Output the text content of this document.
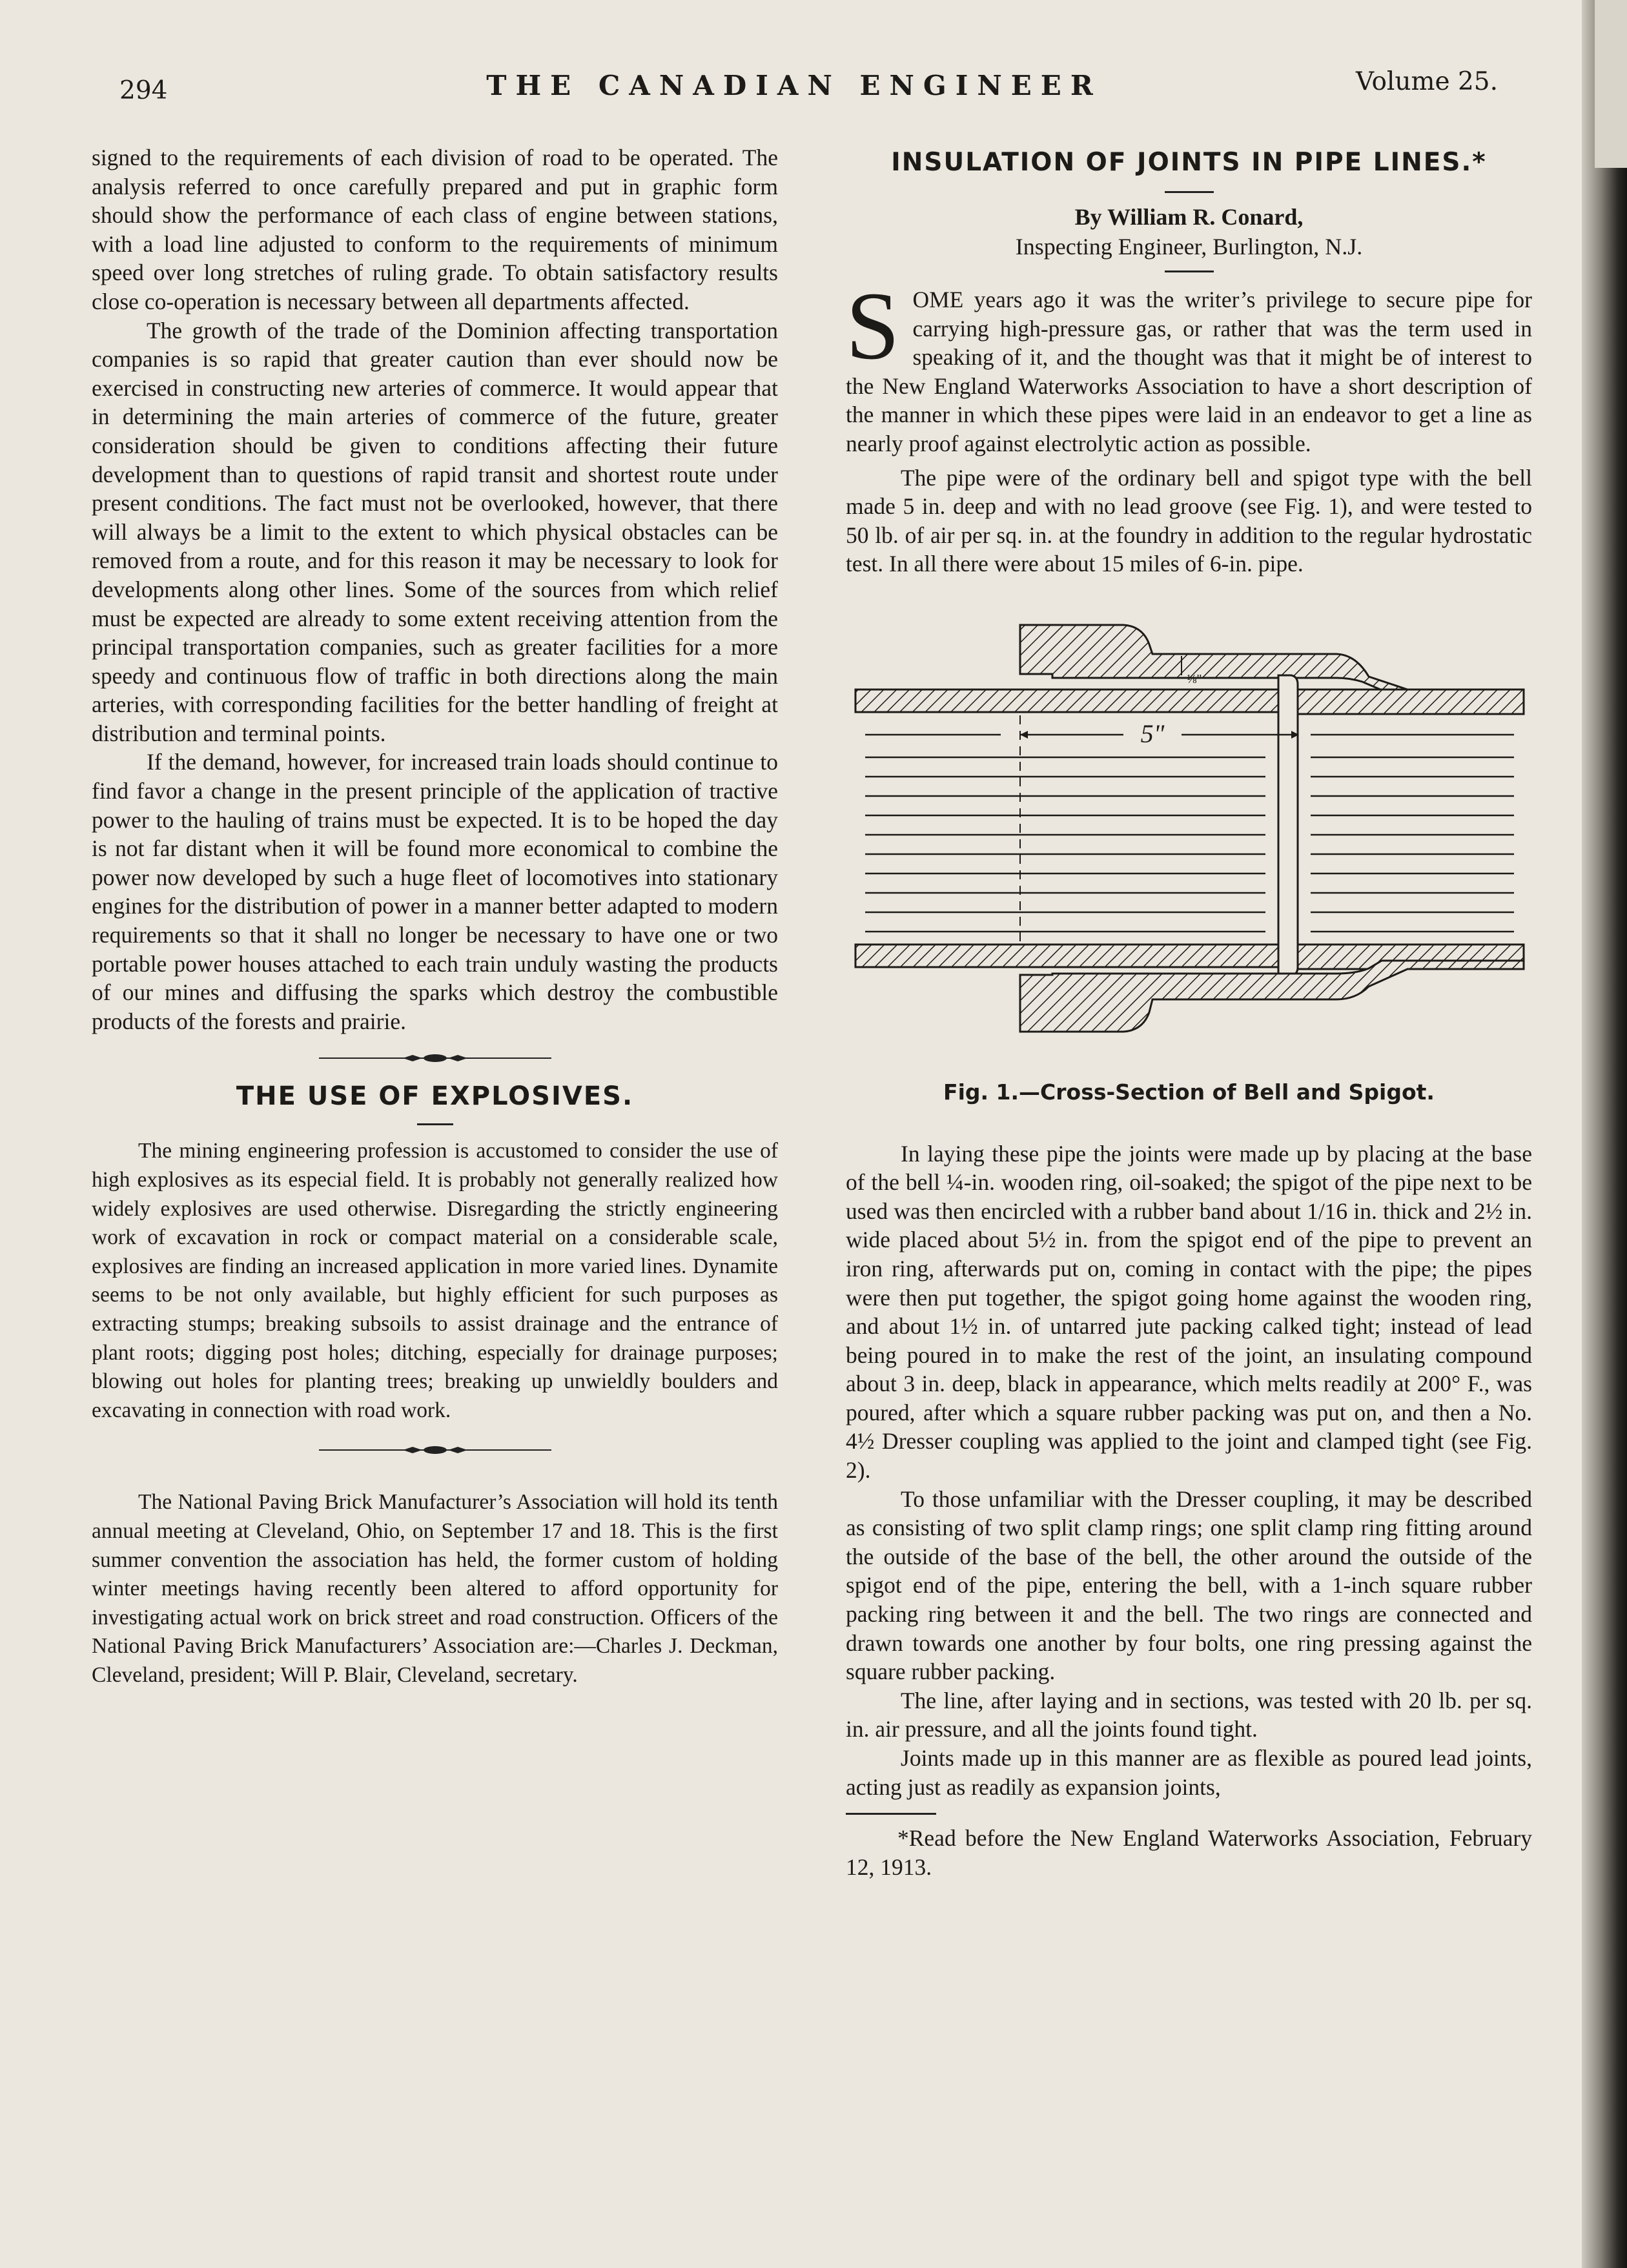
294	THE CANADIAN ENGINEER	Volume 25.

signed to the requirements of each division of road to be operated. The analysis referred to once carefully prepared and put in graphic form should show the performance of each class of engine between stations, with a load line adjusted to conform to the requirements of minimum speed over long stretches of ruling grade. To obtain satisfactory results close co-operation is necessary between all departments affected.

The growth of the trade of the Dominion affecting transportation companies is so rapid that greater caution than ever should now be exercised in constructing new arteries of commerce. It would appear that in determining the main arteries of commerce of the future, greater consideration should be given to conditions affecting their future development than to questions of rapid transit and shortest route under present conditions. The fact must not be overlooked, however, that there will always be a limit to the extent to which physical obstacles can be removed from a route, and for this reason it may be necessary to look for developments along other lines. Some of the sources from which relief must be expected are already to some extent receiving attention from the principal transportation companies, such as greater facilities for a more speedy and continuous flow of traffic in both directions along the main arteries, with corresponding facilities for the better handling of freight at distribution and terminal points.

If the demand, however, for increased train loads should continue to find favor a change in the present principle of the application of tractive power to the hauling of trains must be expected. It is to be hoped the day is not far distant when it will be found more economical to combine the power now developed by such a huge fleet of locomotives into stationary engines for the distribution of power in a manner better adapted to modern requirements so that it shall no longer be necessary to have one or two portable power houses attached to each train unduly wasting the products of our mines and diffusing the sparks which destroy the combustible products of the forests and prairie.

THE USE OF EXPLOSIVES.

The mining engineering profession is accustomed to consider the use of high explosives as its especial field. It is probably not generally realized how widely explosives are used otherwise. Disregarding the strictly engineering work of excavation in rock or compact material on a considerable scale, explosives are finding an increased application in more varied lines. Dynamite seems to be not only available, but highly efficient for such purposes as extracting stumps; breaking subsoils to assist drainage and the entrance of plant roots; digging post holes; ditching, especially for drainage purposes; blowing out holes for planting trees; breaking up unwieldly boulders and excavating in connection with road work.

The National Paving Brick Manufacturer’s Association will hold its tenth annual meeting at Cleveland, Ohio, on September 17 and 18. This is the first summer convention the association has held, the former custom of holding winter meetings having recently been altered to afford opportunity for investigating actual work on brick street and road construction. Officers of the National Paving Brick Manufacturers’ Association are:—Charles J. Deckman, Cleveland, president; Will P. Blair, Cleveland, secretary.

INSULATION OF JOINTS IN PIPE LINES.*
By William R. Conard,
Inspecting Engineer, Burlington, N.J.
S OME years ago it was the writer’s privilege to secure pipe for carrying high-pressure gas, or rather that was the term used in speaking of it, and the thought was that it might be of interest to the New England Waterworks Association to have a short description of the manner in which these pipes were laid in an endeavor to get a line as nearly proof against electrolytic action as possible.

The pipe were of the ordinary bell and spigot type with the bell made 5 in. deep and with no lead groove (see Fig. 1), and were tested to 50 lb. of air per sq. in. at the foundry in addition to the regular hydrostatic test. In all there were about 15 miles of 6-in. pipe.

5"
⅛"
Fig. 1.—Cross-Section of Bell and Spigot.

In laying these pipe the joints were made up by placing at the base of the bell ¼-in. wooden ring, oil-soaked; the spigot of the pipe next to be used was then encircled with a rubber band about 1/16 in. thick and 2½ in. wide placed about 5½ in. from the spigot end of the pipe to prevent an iron ring, afterwards put on, coming in contact with the pipe; the pipes were then put together, the spigot going home against the wooden ring, and about 1½ in. of untarred jute packing calked tight; instead of lead being poured in to make the rest of the joint, an insulating compound about 3 in. deep, black in appearance, which melts readily at 200° F., was poured, after which a square rubber packing was put on, and then a No. 4½ Dresser coupling was applied to the joint and clamped tight (see Fig. 2).

To those unfamiliar with the Dresser coupling, it may be described as consisting of two split clamp rings; one split clamp ring fitting around the outside of the base of the bell, the other around the outside of the spigot end of the pipe, entering the bell, with a 1-inch square rubber packing ring between it and the bell. The two rings are connected and drawn towards one another by four bolts, one ring pressing against the square rubber packing.

The line, after laying and in sections, was tested with 20 lb. per sq. in. air pressure, and all the joints found tight.

Joints made up in this manner are as flexible as poured lead joints, acting just as readily as expansion joints,

*Read before the New England Waterworks Association, February 12, 1913.
